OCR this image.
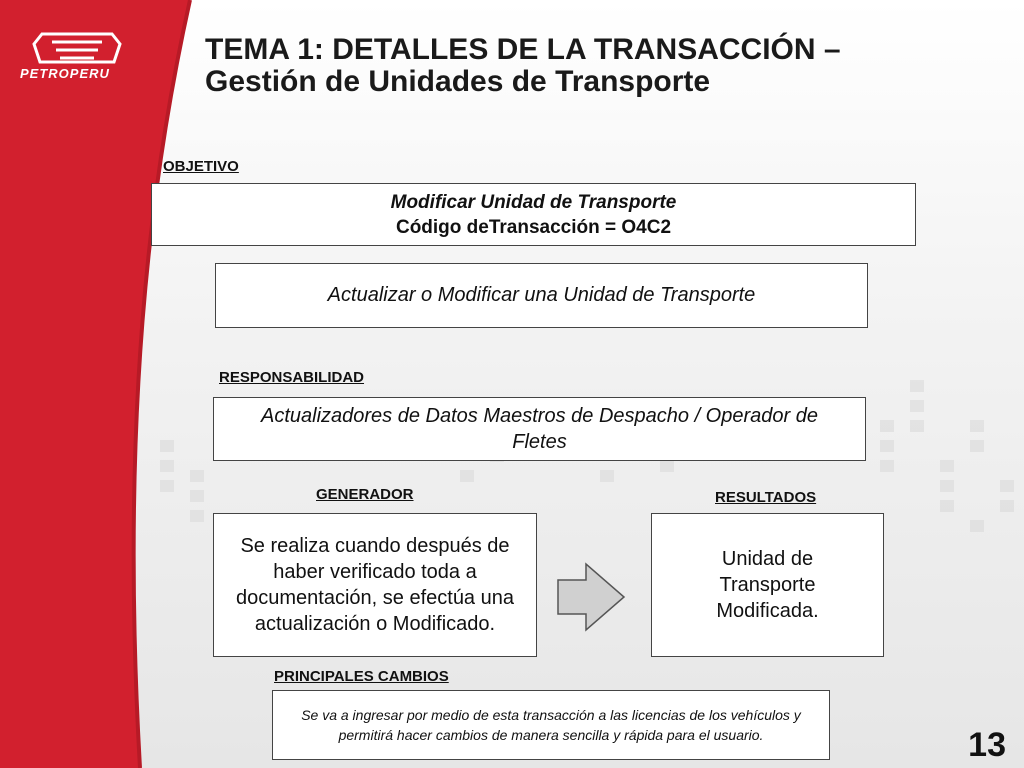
PETROPERU
TEMA 1: DETALLES DE LA TRANSACCIÓN – Gestión de Unidades de Transporte
OBJETIVO
Modificar Unidad de Transporte
Código deTransacción = O4C2
Actualizar o Modificar una Unidad de Transporte
RESPONSABILIDAD
Actualizadores de Datos Maestros de Despacho / Operador de Fletes
GENERADOR
Se realiza cuando después de haber verificado toda a documentación, se efectúa una actualización o Modificado.
RESULTADOS
Unidad de Transporte Modificada.
PRINCIPALES CAMBIOS
Se va a ingresar por medio de esta transacción a las licencias de los vehículos y permitirá hacer cambios de manera sencilla y rápida para el usuario.	13
